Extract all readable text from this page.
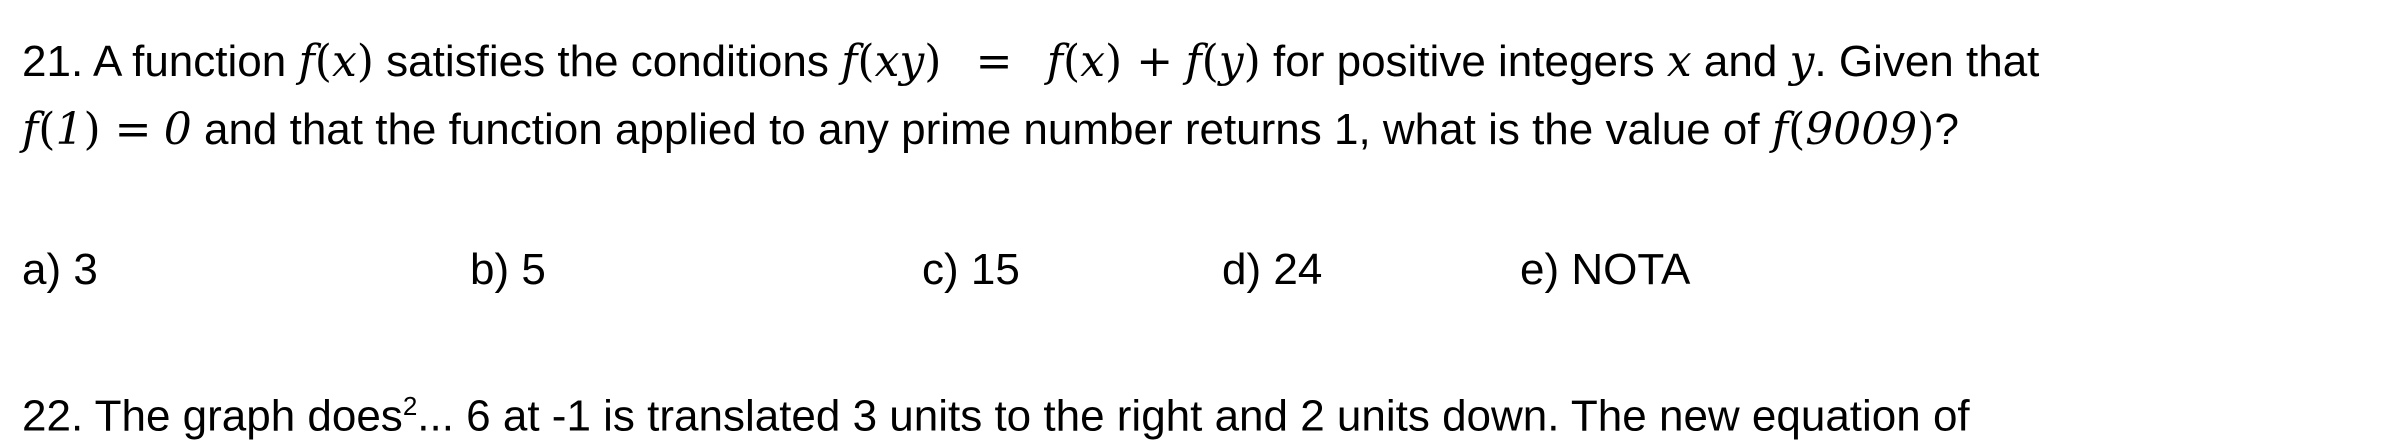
21. A function f(x) satisfies the conditions f(xy) = f(x) + f(y) for positive integers x and y. Given that
f(1) = 0 and that the function applied to any prime number returns 1, what is the value of f(9009)?
a) 3	b) 5	c) 15	d) 24	e) NOTA
22. The graph does$^2$... 6 at -1 is translated 3 units to the right and 2 units down. The new equation of
